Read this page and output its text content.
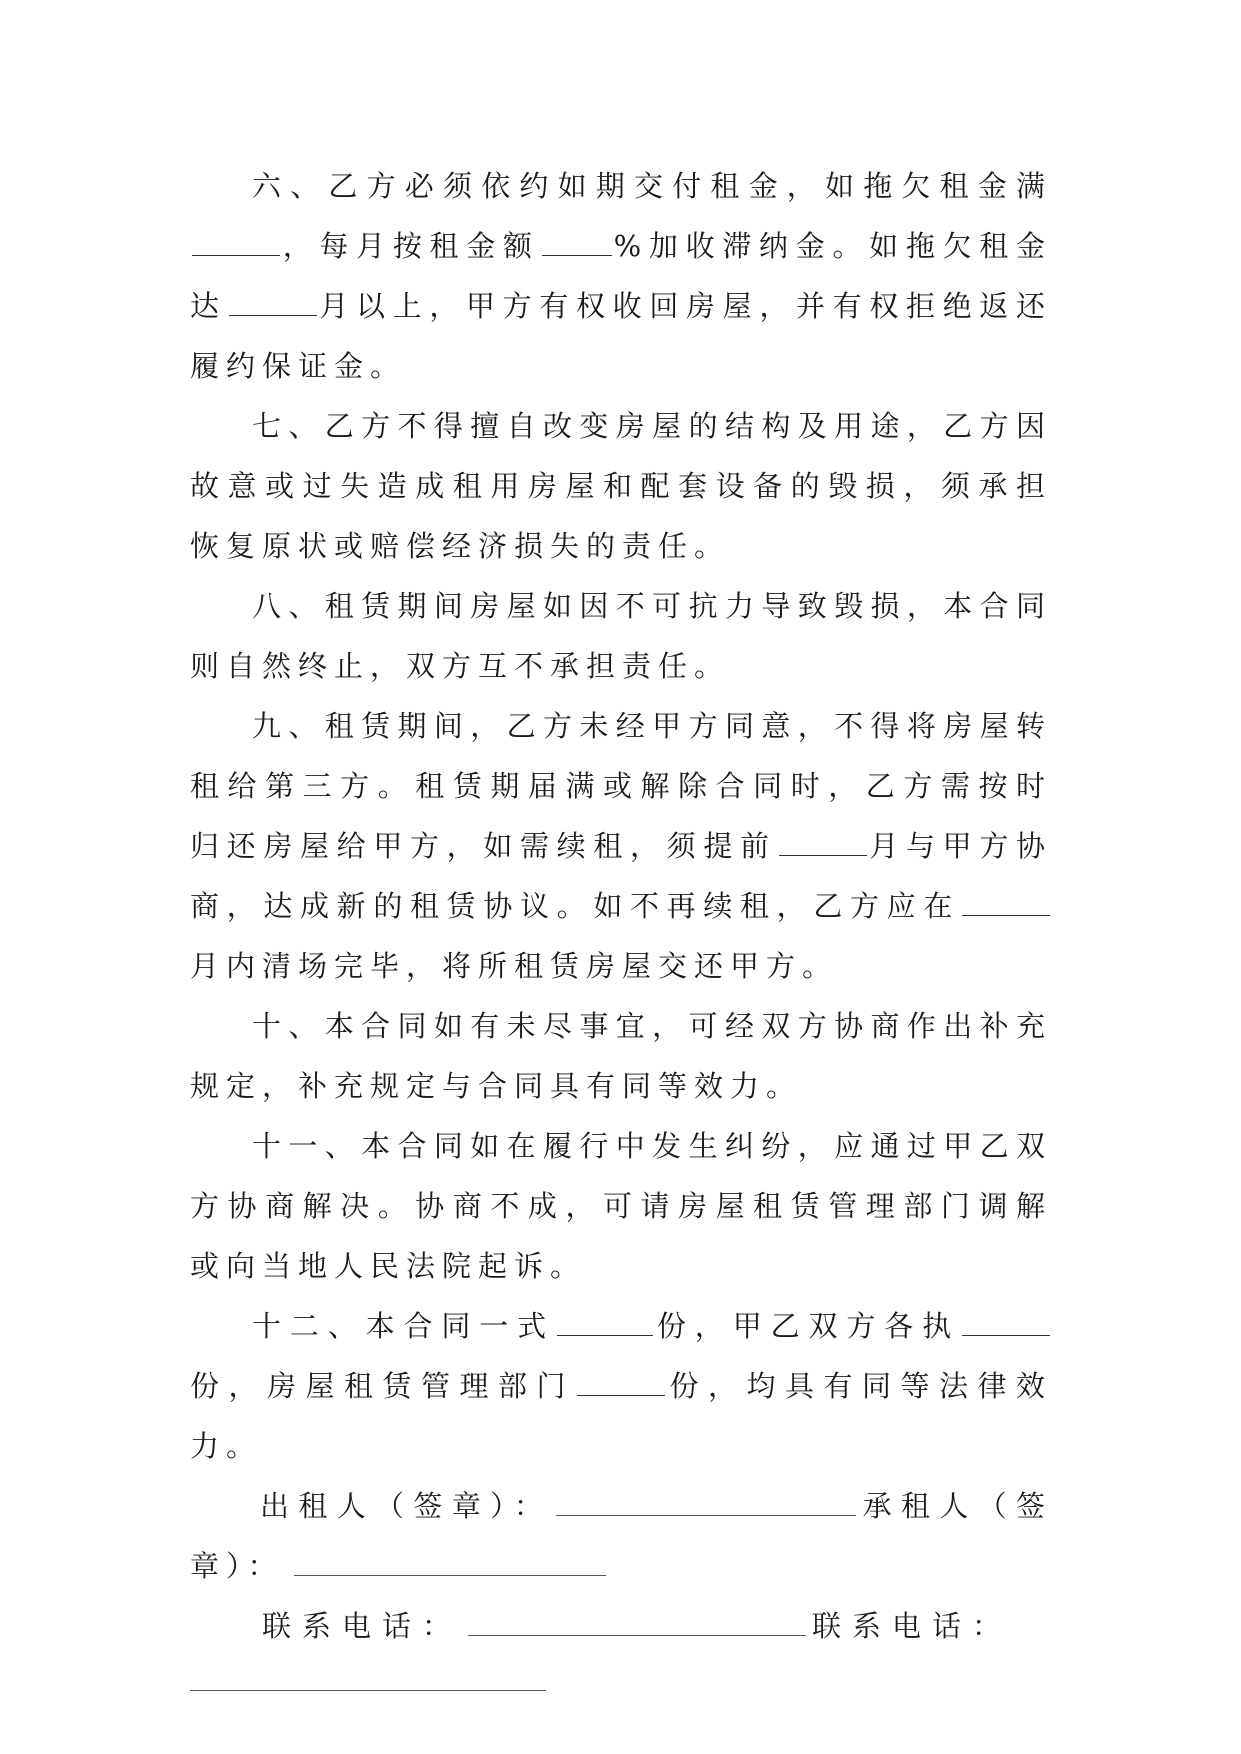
六、乙方必须依约如期交付租金，如拖欠租金满，每月按租金额	%加收滞纳金。如拖欠租金达	月以上，甲方有权收回房屋，并有权拒绝返还履约保证金。

七、乙方不得擅自改变房屋的结构及用途，乙方因故意或过失造成租用房屋和配套设备的毁损，须承担恢复原状或赔偿经济损失的责任。

八、租赁期间房屋如因不可抗力导致毁损，本合同则自然终止，双方互不承担责任。

九、租赁期间，乙方未经甲方同意，不得将房屋转租给第三方。租赁期届满或解除合同时，乙方需按时归还房屋给甲方，如需续租，须提前	月与甲方协商，达成新的租赁协议。如不再续租，乙方应在月内清场完毕，将所租赁房屋交还甲方。

十、本合同如有未尽事宜，可经双方协商作出补充规定，补充规定与合同具有同等效力。

十一、本合同如在履行中发生纠纷，应通过甲乙双方协商解决。协商不成，可请房屋租赁管理部门调解或向当地人民法院起诉。

十二、本合同一式	份，甲乙双方各执份，房屋租赁管理部门	份，均具有同等法律效力。

出租人（签章）：	承租人（签章）：

联系电话：	联系电话：
